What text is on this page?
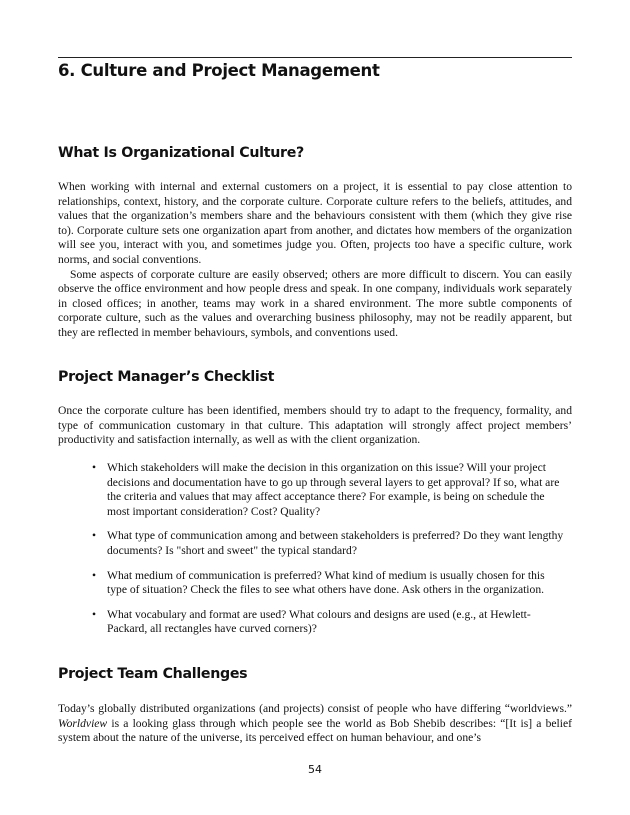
6. Culture and Project Management
What Is Organizational Culture?

When working with internal and external customers on a project, it is essential to pay close attention to relationships, context, history, and the corporate culture. Corporate culture refers to the beliefs, attitudes, and values that the organization’s members share and the behaviours consistent with them (which they give rise to). Corporate culture sets one organization apart from another, and dictates how members of the organization will see you, interact with you, and sometimes judge you. Often, projects too have a specific culture, work norms, and social conventions.

Some aspects of corporate culture are easily observed; others are more difficult to discern. You can easily observe the office environment and how people dress and speak. In one company, individuals work separately in closed offices; in another, teams may work in a shared environment. The more subtle components of corporate culture, such as the values and overarching business philosophy, may not be readily apparent, but they are reflected in member behaviours, symbols, and conventions used.

Project Manager’s Checklist

Once the corporate culture has been identified, members should try to adapt to the frequency, formality, and type of communication customary in that culture. This adaptation will strongly affect project members’ productivity and satisfaction internally, as well as with the client organization.

• Which stakeholders will make the decision in this organization on this issue? Will your project decisions and documentation have to go up through several layers to get approval? If so, what are the criteria and values that may affect acceptance there? For example, is being on schedule the most important consideration? Cost? Quality?
• What type of communication among and between stakeholders is preferred? Do they want lengthy documents? Is "short and sweet" the typical standard?
• What medium of communication is preferred? What kind of medium is usually chosen for this type of situation? Check the files to see what others have done. Ask others in the organization.
• What vocabulary and format are used? What colours and designs are used (e.g., at Hewlett-Packard, all rectangles have curved corners)?
Project Team Challenges

Today’s globally distributed organizations (and projects) consist of people who have differing “worldviews.” Worldview is a looking glass through which people see the world as Bob Shebib describes: “[It is] a belief system about the nature of the universe, its perceived effect on human behaviour, and one’s

54
